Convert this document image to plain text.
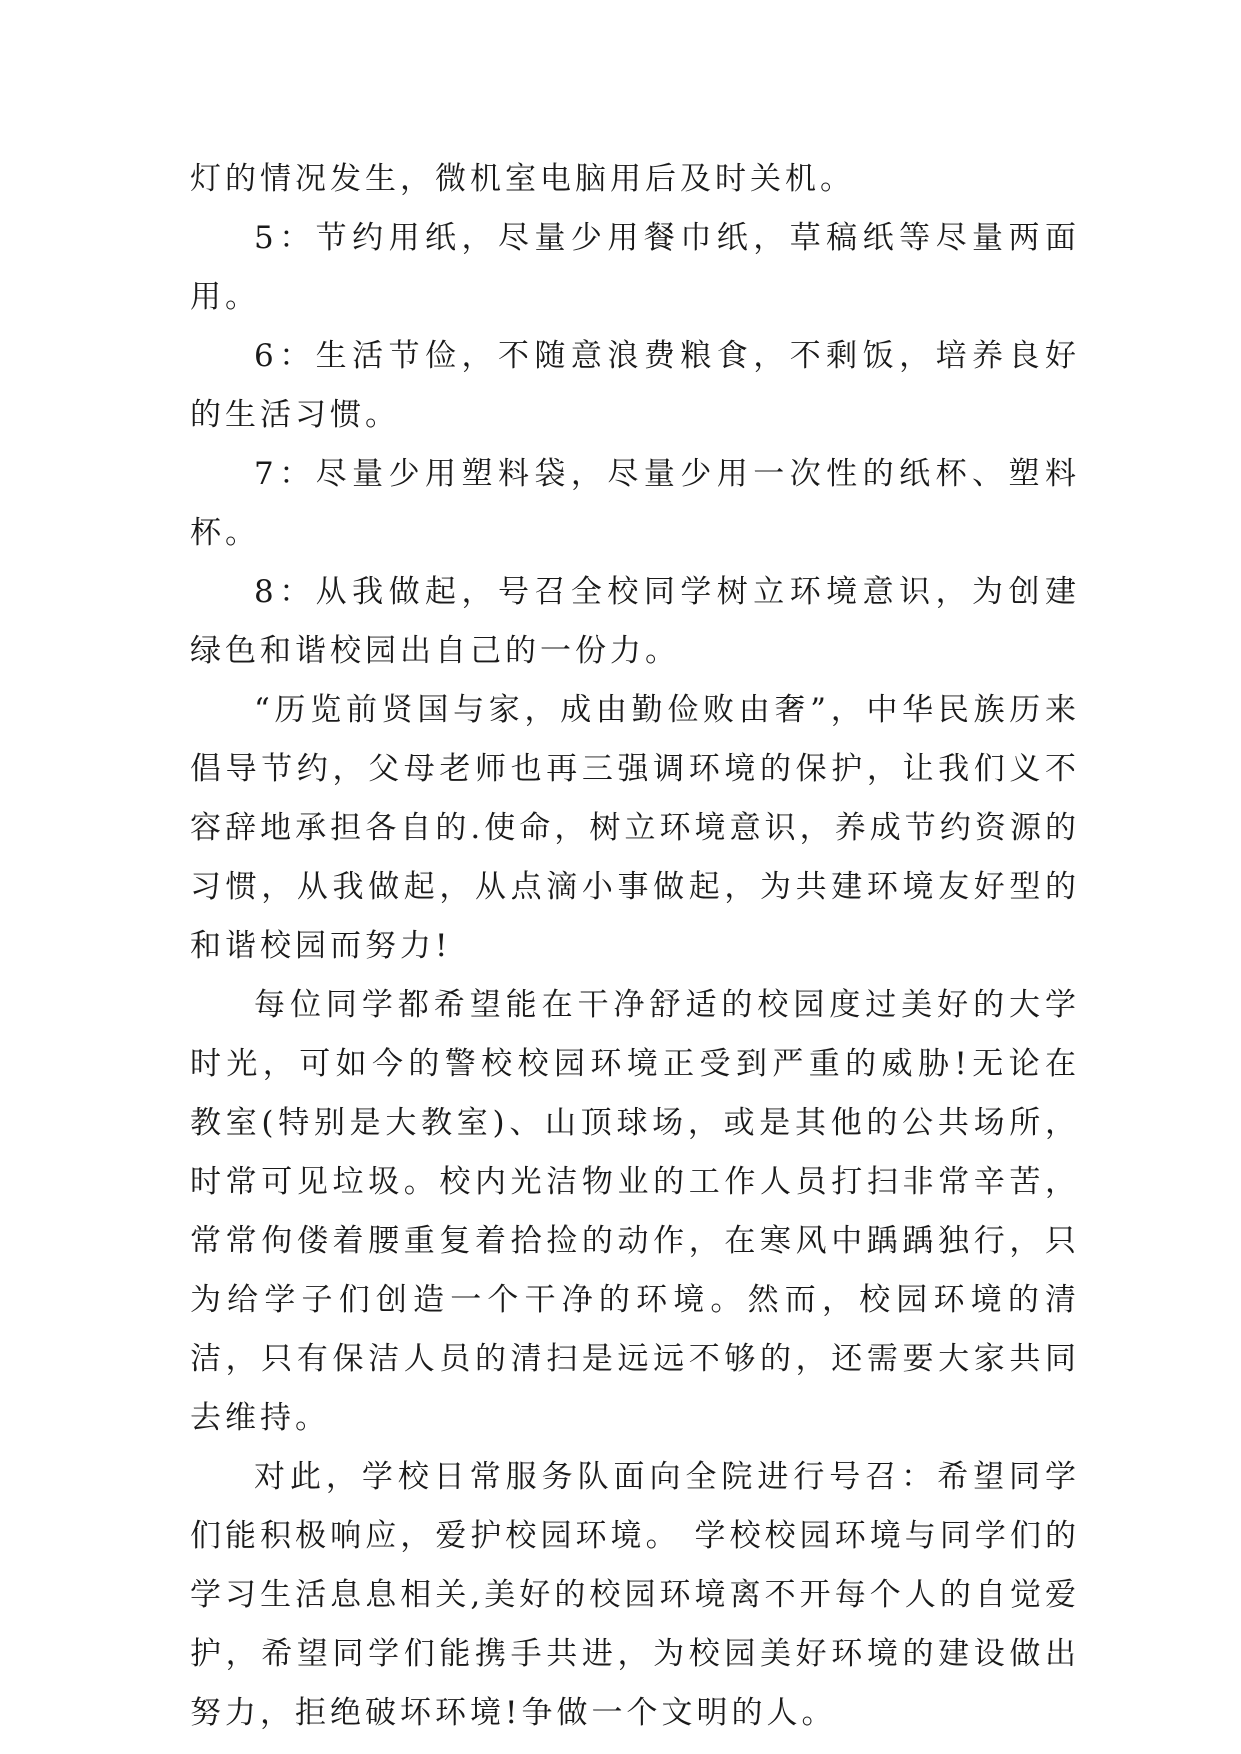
灯的情况发生，微机室电脑用后及时关机。

5：节约用纸，尽量少用餐巾纸，草稿纸等尽量两面用。

6：生活节俭，不随意浪费粮食，不剩饭，培养良好的生活习惯。

7：尽量少用塑料袋，尽量少用一次性的纸杯、塑料杯。

8：从我做起，号召全校同学树立环境意识，为创建绿色和谐校园出自己的一份力。

“历览前贤国与家，成由勤俭败由奢”，中华民族历来倡导节约，父母老师也再三强调环境的保护，让我们义不容辞地承担各自的.使命，树立环境意识，养成节约资源的习惯，从我做起，从点滴小事做起，为共建环境友好型的和谐校园而努力!

每位同学都希望能在干净舒适的校园度过美好的大学时光，可如今的警校校园环境正受到严重的威胁!无论在教室(特别是大教室)、山顶球场，或是其他的公共场所，时常可见垃圾。校内光洁物业的工作人员打扫非常辛苦，常常佝偻着腰重复着拾捡的动作，在寒风中踽踽独行，只为给学子们创造一个干净的环境。然而，校园环境的清洁，只有保洁人员的清扫是远远不够的，还需要大家共同去维持。

对此，学校日常服务队面向全院进行号召：希望同学们能积极响应，爱护校园环境。 学校校园环境与同学们的学习生活息息相关,美好的校园环境离不开每个人的自觉爱护，希望同学们能携手共进，为校园美好环境的建设做出努力，拒绝破坏环境!争做一个文明的人。
